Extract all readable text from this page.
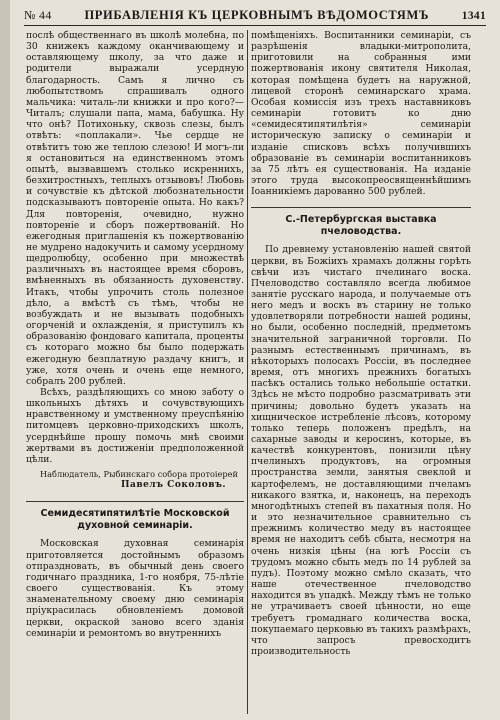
№ 44	ПРИБАВЛЕНІЯ КЪ ЦЕРКОВНЫМЪ ВѢДОМОСТЯМЪ	1341

послѣ общественнаго въ школѣ молебна, по 30 книжекъ каждому оканчивающему и оставляющему школу, за что даже и родители выражали усердную благодарность. Самъ я лично съ любопытствомъ спрашивалъ одного мальчика: читаль-ли книжки и про кого?—Читалъ; слушали папа, мама, бабушка. Ну что онѣ? Потихоньку, сквозь слезы, былъ отвѣтъ: «поплакали». Чье сердце не отвѣтитъ тою же теплою слезою! И могъ-ли я остановиться на единственномъ этомъ опытѣ, вызвавшемъ столько искреннихъ, безхитростныхъ, теплыхъ отзывовъ! Любовь и сочувствіе къ дѣтской любознательности подсказываютъ повтореніе опыта. Но какъ? Для повторенія, очевидно, нужно повтореніе и сборъ пожертвованій. Но ежегодныя приглашенія къ пожертвованію не мудрено надокучить и самому усердному щедролюбцу, особенно при множествѣ различныхъ въ настоящее время сборовъ, вмѣненныхъ въ обязанность духовенству. Итакъ, чтобы упрочить столь полезное дѣло, а вмѣстѣ съ тѣмъ, чтобы не возбуждать и не вызывать подобныхъ огорченій и охлажденія, я приступилъ къ образованію фондоваго капитала, проценты съ котораго можно бы было подержать ежегодную безплатную раздачу книгъ, и уже, хотя очень и очень еще немного, собралъ 200 рублей.

Всѣхъ, раздѣляющихъ со мною заботу о школьныхъ дѣтяхъ и сочувствующихъ нравственному и умственному преуспѣянію питомцевъ церковно-приходскихъ школъ, усерднѣйше прошу помочь мнѣ своими жертвами въ достиженіи предположенной цѣли.

Наблюдатель, Рыбинскаго собора протоіерей
Павелъ Соколовъ.
Семидесятипятилѣтіе Московской духовной семинаріи.

Московская духовная семинарія приготовляется достойнымъ образомъ отпраздновать, въ обычный день своего годичнаго праздника, 1-го ноября, 75-лѣтіе своего существованія. Къ этому знаменательному своему дню семинарія пріукрасилась обновленіемъ домовой церкви, окраской заново всего зданія семинаріи и ремонтомъ во внутреннихъ

помѣщеніяхъ. Воспитанники семинаріи, съ разрѣшенія владыки-митрополита, приготовили на собранныя ими пожертвованія икону святителя Николая, которая помѣщена будетъ на наружной, лицевой сторонѣ семинарскаго храма. Особая комиссія изъ трехъ наставниковъ семинаріи готовитъ ко дню «семидесятипятилѣтія» семинаріи историческую записку о семинаріи и изданіе списковъ всѣхъ получившихъ образованіе въ семинаріи воспитанниковъ за 75 лѣтъ ея существованія. На изданіе этого труда высокопреосвященнѣйшимъ Іоанникіемъ дарованно 500 рублей.

С.-Петербургская выставка пчеловодства.

По древнему установленію нашей святой церкви, въ Божіихъ храмахъ должны горѣть свѣчи изъ чистаго пчелинаго воска. Пчеловодство составляло всегда любимое занятіе русскаго народа, и получаемые отъ него медъ и воскъ въ старину не только удовлетворяли потребности нашей родины, но были, особенно последній, предметомъ значительной заграничной торговли. По разнымъ естественнымъ причинамъ, въ нѣкоторыхъ полосахъ Россіи, въ последнее время, отъ многихъ прежнихъ богатыхъ пасѣкъ остались только небольшіе остатки. Здѣсь не мѣсто подробно разсматривать эти причины; довольно будетъ указать на хищническое истребленіе лѣсовъ, которому только теперь положенъ предѣлъ, на сахарные заводы и керосинъ, которые, въ качествѣ конкурентовъ, понизили цѣну пчелиныхъ продуктовъ, на огромныя пространства земли, занятыя свеклой и картофелемъ, не доставляющими пчеламъ никакого взятка, и, наконецъ, на переходъ многодѣтныхъ степей въ пахатныя поля. Но и это незначительное сравнительно съ прежнимъ количество меду въ настоящее время не находитъ себѣ сбыта, несмотря на очень низкія цѣны (на югѣ Россіи съ трудомъ можно сбыть медъ по 14 рублей за пудъ). Поэтому можно смѣло сказать, что наше отечественное пчеловодство находится въ упадкѣ. Между тѣмъ не только не утрачиваетъ своей цѣнности, но еще требуетъ громаднаго количества воска, покупаемаго церковью въ такихъ размѣрахъ, что запросъ превосходитъ производительность
